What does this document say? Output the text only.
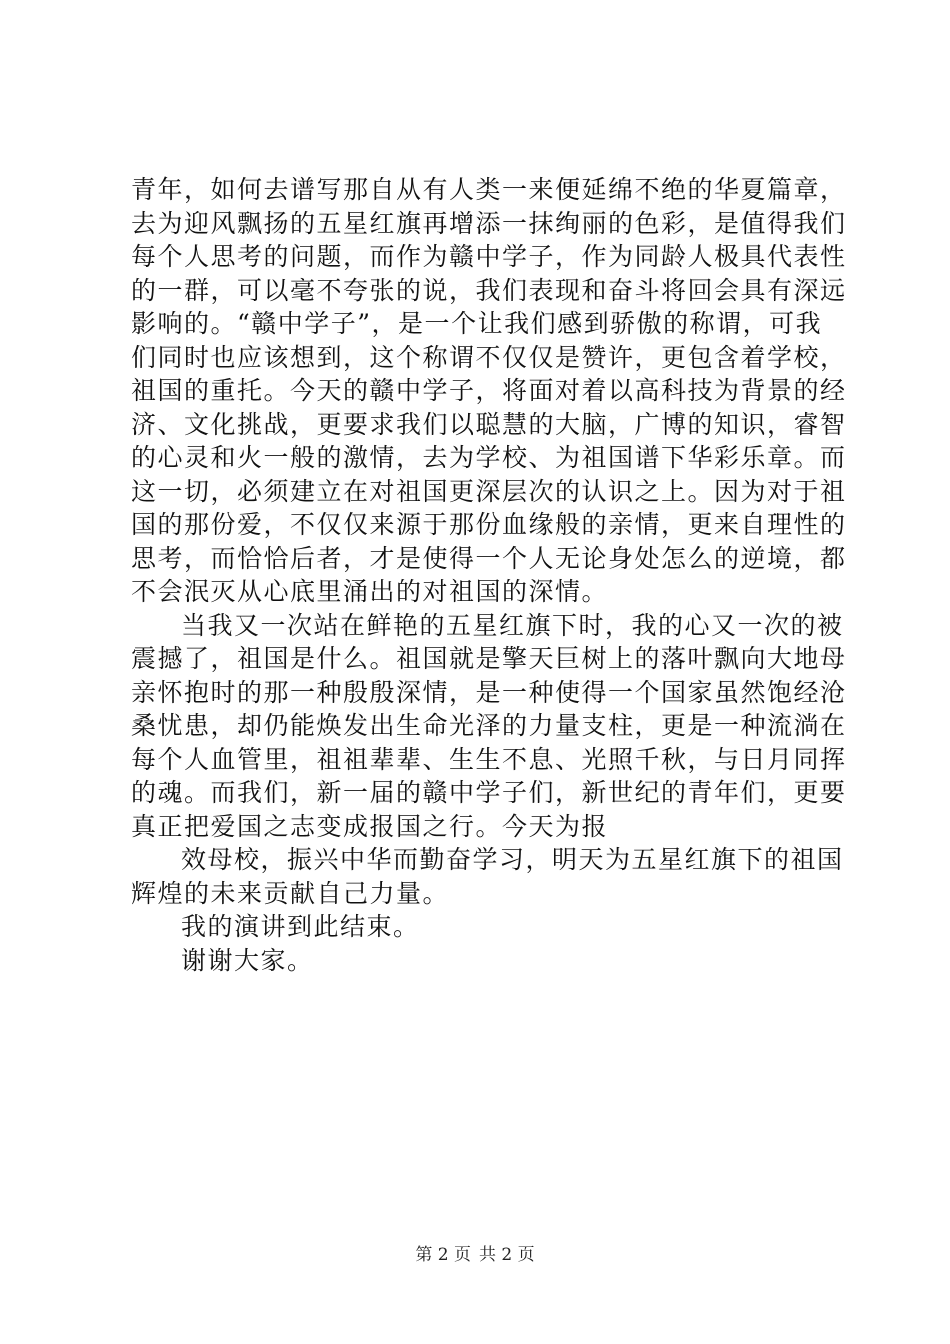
青年，如何去谱写那自从有人类一来便延绵不绝的华夏篇章，
去为迎风飘扬的五星红旗再增添一抹绚丽的色彩，是值得我们
每个人思考的问题，而作为赣中学子，作为同龄人极具代表性
的一群，可以毫不夸张的说，我们表现和奋斗将回会具有深远
影响的。“赣中学子”，是一个让我们感到骄傲的称谓，可我
们同时也应该想到，这个称谓不仅仅是赞许，更包含着学校，
祖国的重托。今天的赣中学子，将面对着以高科技为背景的经
济、文化挑战，更要求我们以聪慧的大脑，广博的知识，睿智
的心灵和火一般的激情，去为学校、为祖国谱下华彩乐章。而
这一切，必须建立在对祖国更深层次的认识之上。因为对于祖
国的那份爱，不仅仅来源于那份血缘般的亲情，更来自理性的
思考，而恰恰后者，才是使得一个人无论身处怎么的逆境，都
不会泯灭从心底里涌出的对祖国的深情。
当我又一次站在鲜艳的五星红旗下时，我的心又一次的被
震撼了，祖国是什么。祖国就是擎天巨树上的落叶飘向大地母
亲怀抱时的那一种殷殷深情，是一种使得一个国家虽然饱经沧
桑忧患，却仍能焕发出生命光泽的力量支柱，更是一种流淌在
每个人血管里，祖祖辈辈、生生不息、光照千秋，与日月同挥
的魂。而我们，新一届的赣中学子们，新世纪的青年们，更要
真正把爱国之志变成报国之行。今天为报
效母校，振兴中华而勤奋学习，明天为五星红旗下的祖国
辉煌的未来贡献自己力量。
我的演讲到此结束。
谢谢大家。
第 2 页 共 2 页
